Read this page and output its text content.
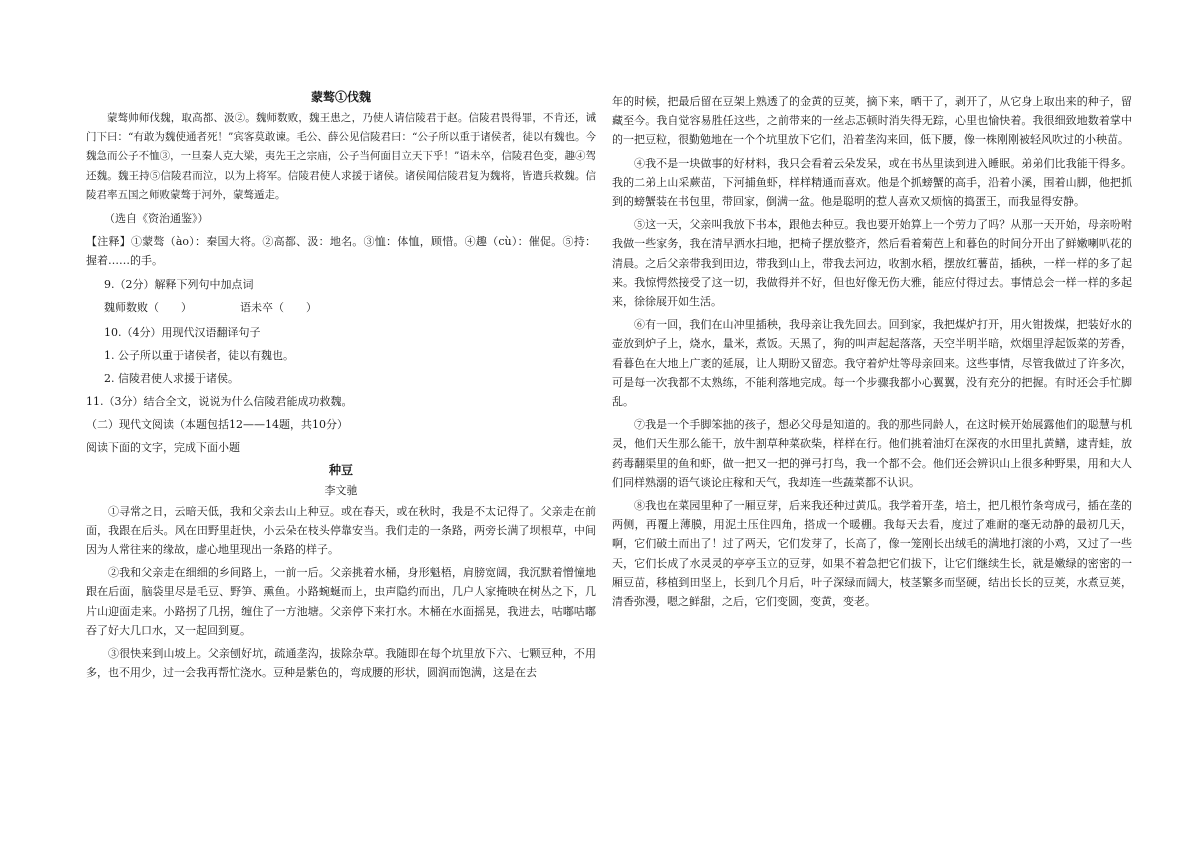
蒙骜①伐魏
蒙骜帅师伐魏，取高都、汲②。魏师数败，魏王患之，乃使人请信陵君于赵。信陵君畏得罪，不肯还，诫门下曰：“有敢为魏使通者死！”宾客莫敢谏。毛公、薛公见信陵君曰：“公子所以重于诸侯者，徒以有魏也。今魏急而公子不恤③，一旦秦人克大梁，夷先王之宗庙，公子当何面目立天下乎！”语未卒，信陵君色变，趣④驾还魏。魏王持⑤信陵君而泣，以为上将军。信陵君使人求援于诸侯。诸侯闻信陵君复为魏将，皆遣兵救魏。信陵君率五国之师败蒙骜于河外，蒙骜遁走。
（选自《资治通鉴》）
【注释】①蒙骜（ào）：秦国大将。②高都、汲：地名。③恤：体恤，顾惜。④趣（cù）：催促。⑤持：握着……的手。
9.（2分）解释下列句中加点词
魏师数败（　　）	语未卒（　　）
10.（4分）用现代汉语翻译句子
1. 公子所以重于诸侯者，徒以有魏也。
2. 信陵君使人求援于诸侯。
11.（3分）结合全文，说说为什么信陵君能成功救魏。
（二）现代文阅读（本题包括12——14题，共10分）
阅读下面的文字，完成下面小题
种豆
李文驰
①寻常之日，云暗天低，我和父亲去山上种豆。或在春天，或在秋时，我是不太记得了。父亲走在前面，我跟在后头。风在田野里赶快，小云朵在枝头停靠安当。我们走的一条路，两旁长满了坝根草，中间因为人常往来的缘故，虚心地里现出一条路的样子。
②我和父亲走在细细的乡间路上，一前一后。父亲挑着水桶，身形魁梧，肩膀宽阔，我沉默着憎憧地跟在后面，脑袋里尽是毛豆、野笋、熏鱼。小路蜿蜒而上，虫声隐约而出，几户人家掩映在树丛之下，几片山迎面走来。小路拐了几拐，缠住了一方池塘。父亲停下来打水。木桶在水面摇晃，我进去，咕嘟咕嘟吞了好大几口水，又一起回到夏。
③很快来到山坡上。父亲刨好坑，疏通垄沟，拔除杂草。我随即在每个坑里放下六、七颗豆种，不用多，也不用少，过一会我再帮忙浇水。豆种是紫色的，弯成腰的形状，圆润而饱满，这是在去
年的时候，把最后留在豆架上熟透了的金黄的豆荚，摘下来，晒干了，剥开了，从它身上取出来的种子，留藏至今。我自觉容易胜任这些，之前带来的一丝忐忑顿时消失得无踪，心里也愉快着。我很细致地数着掌中的一把豆粒，很勤勉地在一个个坑里放下它们，沿着垄沟来回，低下腰，像一株刚刚被轻风吹过的小秧苗。
④我不是一块做事的好材料，我只会看着云朵发呆，或在书丛里读到进入睡眠。弟弟们比我能干得多。我的二弟上山采蕨苗，下河捕鱼虾，样样精通而喜欢。他是个抓螃蟹的高手，沿着小溪，围着山脚，他把抓到的螃蟹装在书包里，带回家，倒满一盆。他是聪明的惹人喜欢又烦恼的捣蛋王，而我显得安静。
⑤这一天，父亲叫我放下书本，跟他去种豆。我也要开始算上一个劳力了吗？从那一天开始，母亲吩咐我做一些家务，我在清早洒水扫地，把椅子摆放整齐，然后看着菊芭上和暮色的时间分开出了鲜嫩喇叭花的清晨。之后父亲带我到田边，带我到山上，带我去河边，收割水稻，摆放红薯苗，插秧，一样一样的多了起来。我惊愕然接受了这一切，我做得并不好，但也好像无伤大雅，能应付得过去。事情总会一样一样的多起来，徐徐展开如生活。
⑥有一回，我们在山冲里插秧，我母亲让我先回去。回到家，我把煤炉打开，用火钳拨煤，把装好水的壶放到炉子上，烧水，量米，煮饭。天黑了，狗的叫声起起落落，天空半明半暗，炊烟里浮起饭菜的芳香，看暮色在大地上广袤的延展，让人期盼又留恋。我守着炉灶等母亲回来。这些事情，尽管我做过了许多次，可是每一次我都不太熟练，不能利落地完成。每一个步骤我都小心翼翼，没有充分的把握。有时还会手忙脚乱。
⑦我是一个手脚笨拙的孩子，想必父母是知道的。我的那些同龄人，在这时候开始展露他们的聪慧与机灵，他们天生那么能干，放牛割草种菜砍柴，样样在行。他们挑着油灯在深夜的水田里扎黄鳝，逮青蛙，放药毒翻渠里的鱼和虾，做一把又一把的弹弓打鸟，我一个都不会。他们还会辨识山上很多种野果，用和大人们同样熟溺的语气谈论庄稼和天气，我却连一些蔬菜都不认识。
⑧我也在菜园里种了一厢豆芽，后来我还种过黄瓜。我学着开垄，培土，把几根竹条弯成弓，插在垄的两侧，再覆上薄膜，用泥土压住四角，搭成一个暖棚。我每天去看，度过了难耐的毫无动静的最初几天，啊，它们破土而出了！过了两天，它们发芽了，长高了，像一笼刚长出绒毛的满地打滚的小鸡，又过了一些天，它们长成了水灵灵的亭亭玉立的豆芽，如果不着急把它们拔下，让它们继续生长，就是嫩绿的密密的一厢豆苗，移植到田坚上，长到几个月后，叶子深绿而阔大，枝茎繁多而坚硬，结出长长的豆荚，水煮豆荚，清香弥漫，嗯之鲜甜，之后，它们变圆，变黄，变老。
